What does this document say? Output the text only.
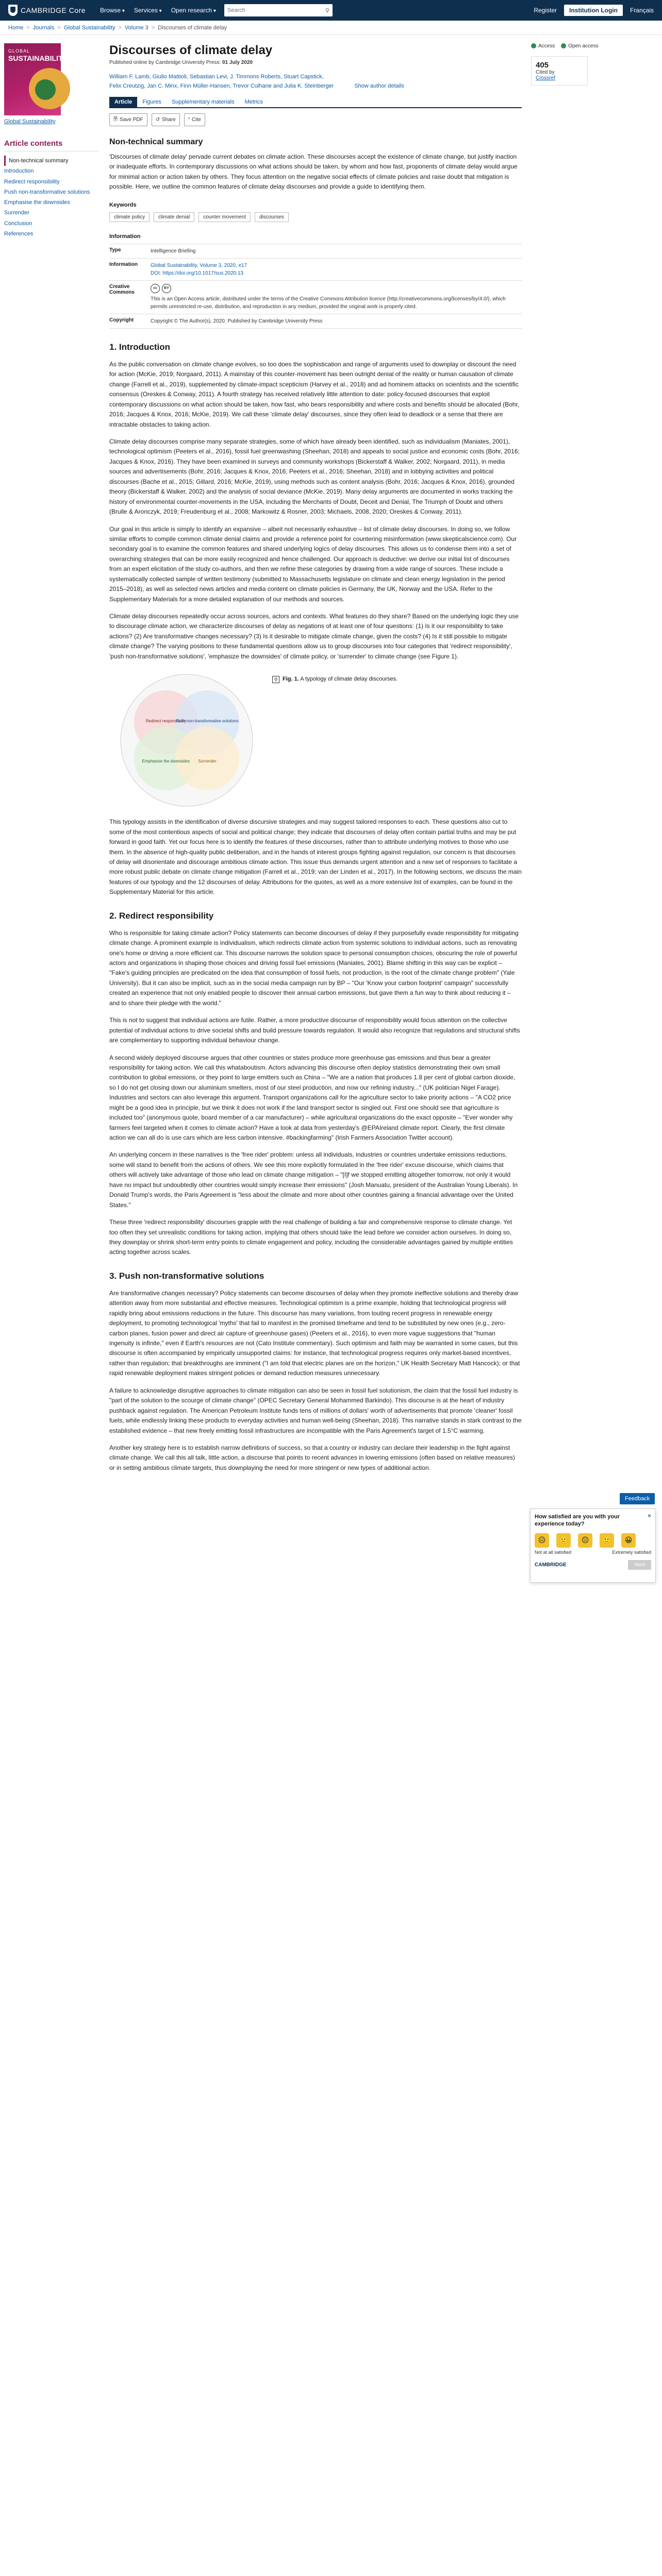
CAMBRIDGE Core Browse ▾	Services ▾	Open research ▾
Search	⚲	Register	Institution Login	Français
Home > Journals > Global Sustainability > Volume 3 > Discourses of climate delay
GLOBAL
SUSTAINABILITY
Global Sustainability
Article contents
Non-technical summary
Introduction
Redirect responsibility
Push non-transformative solutions
Emphasise the downsides
Surrender
Conclusion
References
Discourses of climate delay
Published online by Cambridge University Press: 01 July 2020
William F. Lamb, Giulio Mattioli, Sebastian Levi, J. Timmons Roberts, Stuart Capstick,
Felix Creutzig, Jan C. Minx, Finn Müller-Hansen, Trevor Culhane and Julia K. Steinberger	Show author details
Article	Figures	Supplementary materials	Metrics
🗎 Save PDF ↺ Share “ Cite
Non-technical summary

'Discourses of climate delay' pervade current debates on climate action. These discourses accept the existence of climate change, but justify inaction or inadequate efforts. In contemporary discussions on what actions should be taken, by whom and how fast, proponents of climate delay would argue for minimal action or action taken by others. They focus attention on the negative social effects of climate policies and raise doubt that mitigation is possible. Here, we outline the common features of climate delay discourses and provide a guide to identifying them.

Keywords
climate policy	climate denial	counter movement	discourses
Information
Type	Intelligence Briefing
Information	Global Sustainability, Volume 3, 2020, e17
DOI: https://doi.org/10.1017/sus.2020.13
Creative Commons
cc	BY
This is an Open Access article, distributed under the terms of the Creative Commons Attribution licence (http://creativecommons.org/licenses/by/4.0/), which permits unrestricted re-use, distribution, and reproduction in any medium, provided the original work is properly cited.
Copyright	Copyright © The Author(s), 2020. Published by Cambridge University Press
1. Introduction

As the public conversation on climate change evolves, so too does the sophistication and range of arguments used to downplay or discount the need for action (McKie, 2019; Norgaard, 2011). A mainstay of this counter-movement has been outright denial of the reality or human causation of climate change (Farrell et al., 2019), supplemented by climate-impact scepticism (Harvey et al., 2018) and ad hominem attacks on scientists and the scientific consensus (Oreskes & Conway, 2011). A fourth strategy has received relatively little attention to date: policy-focused discourses that exploit contemporary discussions on what action should be taken, how fast, who bears responsibility and where costs and benefits should be allocated (Bohr, 2016; Jacques & Knox, 2016; McKie, 2019). We call these 'climate delay' discourses, since they often lead to deadlock or a sense that there are intractable obstacles to taking action.

Climate delay discourses comprise many separate strategies, some of which have already been identified, such as individualism (Maniates, 2001), technological optimism (Peeters et al., 2016), fossil fuel greenwashing (Sheehan, 2018) and appeals to social justice and economic costs (Bohr, 2016; Jacques & Knox, 2016). They have been examined in surveys and community workshops (Bickerstaff & Walker, 2002; Norgaard, 2011), in media sources and advertisements (Bohr, 2016; Jacques & Knox, 2016; Peeters et al., 2016; Sheehan, 2018) and in lobbying activities and political discourses (Bache et al., 2015; Gillard, 2016; McKie, 2019), using methods such as content analysis (Bohr, 2016; Jacques & Knox, 2016), grounded theory (Bickerstaff & Walker, 2002) and the analysis of social deviance (McKie, 2019). Many delay arguments are documented in works tracking the history of environmental counter-movements in the USA, including the Merchants of Doubt, Deceit and Denial, The Triumph of Doubt and others (Brulle & Aronczyk, 2019; Freudenburg et al., 2008; Markowitz & Rosner, 2003; Michaels, 2008, 2020; Oreskes & Conway, 2011).

Our goal in this article is simply to identify an expansive – albeit not necessarily exhaustive – list of climate delay discourses. In doing so, we follow similar efforts to compile common climate denial claims and provide a reference point for countering misinformation (www.skepticalscience.com). Our secondary goal is to examine the common features and shared underlying logics of delay discourses. This allows us to condense them into a set of overarching strategies that can be more easily recognized and hence challenged. Our approach is deductive: we derive our initial list of discourses from an expert elicitation of the study co-authors, and then we refine these categories by drawing from a wide range of sources. These include a systematically collected sample of written testimony (submitted to Massachusetts legislature on climate and clean energy legislation in the period 2015–2018), as well as selected news articles and media content on climate policies in Germany, the UK, Norway and the USA. Refer to the Supplementary Materials for a more detailed explanation of our methods and sources.

Climate delay discourses repeatedly occur across sources, actors and contexts. What features do they share? Based on the underlying logic they use to discourage climate action, we characterize discourses of delay as negations of at least one of four questions: (1) Is it our responsibility to take actions? (2) Are transformative changes necessary? (3) Is it desirable to mitigate climate change, given the costs? (4) Is it still possible to mitigate climate change? The varying positions to these fundamental questions allow us to group discourses into four categories that 'redirect responsibility', 'push non-transformative solutions', 'emphasize the downsides' of climate policy, or 'surrender' to climate change (see Figure 1).

Redirect responsibility
Push non-transformative solutions
Emphasise the downsides Surrender
⚲ Fig. 1. A typology of climate delay discourses.

This typology assists in the identification of diverse discursive strategies and may suggest tailored responses to each. These questions also cut to some of the most contentious aspects of social and political change; they indicate that discourses of delay often contain partial truths and may be put forward in good faith. Yet our focus here is to identify the features of these discourses, rather than to attribute underlying motives to those who use them. In the absence of high-quality public deliberation, and in the hands of interest groups fighting against regulation, our concern is that discourses of delay will disorientate and discourage ambitious climate action. This issue thus demands urgent attention and a new set of responses to facilitate a more robust public debate on climate change mitigation (Farrell et al., 2019; van der Linden et al., 2017). In the following sections, we discuss the main features of our typology and the 12 discourses of delay. Attributions for the quotes, as well as a more extensive list of examples, can be found in the Supplementary Material for this article.

2. Redirect responsibility

Who is responsible for taking climate action? Policy statements can become discourses of delay if they purposefully evade responsibility for mitigating climate change. A prominent example is individualism, which redirects climate action from systemic solutions to individual actions, such as renovating one's home or driving a more efficient car. This discourse narrows the solution space to personal consumption choices, obscuring the role of powerful actors and organizations in shaping those choices and driving fossil fuel emissions (Maniates, 2001). Blame shifting in this way can be explicit – "Fake's guiding principles are predicated on the idea that consumption of fossil fuels, not production, is the root of the climate change problem" (Yale University). But it can also be implicit, such as in the social media campaign run by BP – "Our 'Know your carbon footprint' campaign" successfully created an experience that not only enabled people to discover their annual carbon emissions, but gave them a fun way to think about reducing it – and to share their pledge with the world."

This is not to suggest that individual actions are futile. Rather, a more productive discourse of responsibility would focus attention on the collective potential of individual actions to drive societal shifts and build pressure towards regulation. It would also recognize that regulations and structural shifts are complementary to supporting individual behaviour change.

A second widely deployed discourse argues that other countries or states produce more greenhouse gas emissions and thus bear a greater responsibility for taking action. We call this whataboutism. Actors advancing this discourse often deploy statistics demonstrating their own small contribution to global emissions, or they point to large emitters such as China – "We are a nation that produces 1.8 per cent of global carbon dioxide, so I do not get closing down our aluminium smelters, most of our steel production, and now our refining industry..." (UK politician Nigel Farage). Industries and sectors can also leverage this argument. Transport organizations call for the agriculture sector to take priority actions – "A CO2 price might be a good idea in principle, but we think it does not work if the land transport sector is singled out. First one should see that agriculture is included too" (anonymous quote, board member of a car manufacturer) – while agricultural organizations do the exact opposite – "Ever wonder why farmers feel targeted when it comes to climate action? Have a look at data from yesterday's @EPAIreland climate report. Clearly, the first climate action we can all do is use cars which are less carbon intensive. #backingfarming" (Irish Farmers Association Twitter account).

An underlying concern in these narratives is the 'free rider' problem: unless all individuals, industries or countries undertake emissions reductions, some will stand to benefit from the actions of others. We see this more explicitly formulated in the 'free rider' excuse discourse, which claims that others will actively take advantage of those who lead on climate change mitigation – "[I]f we stopped emitting altogether tomorrow, not only it would have no impact but undoubtedly other countries would simply increase their emissions" (Josh Manuatu, president of the Australian Young Liberals). In Donald Trump's words, the Paris Agreement is "less about the climate and more about other countries gaining a financial advantage over the United States."

These three 'redirect responsibility' discourses grapple with the real challenge of building a fair and comprehensive response to climate change. Yet too often they set unrealistic conditions for taking action, implying that others should take the lead before we consider action ourselves. In doing so, they downplay or shrink short-term entry points to climate engagement and policy, including the considerable advantages gained by multiple entities acting together across scales.

3. Push non-transformative solutions

Are transformative changes necessary? Policy statements can become discourses of delay when they promote ineffective solutions and thereby draw attention away from more substantial and effective measures. Technological optimism is a prime example, holding that technological progress will rapidly bring about emissions reductions in the future. This discourse has many variations, from touting recent progress in renewable energy deployment, to promoting technological 'myths' that fail to manifest in the promised timeframe and tend to be substituted by new ones (e.g., zero-carbon planes, fusion power and direct air capture of greenhouse gases) (Peeters et al., 2016), to even more vague suggestions that "human ingenuity is infinite," even if Earth's resources are not (Cato Institute commentary). Such optimism and faith may be warranted in some cases, but this discourse is often accompanied by empirically unsupported claims: for instance, that technological progress requires only market-based incentives, rather than regulation; that breakthroughs are imminent ("I am told that electric planes are on the horizon," UK Health Secretary Matt Hancock); or that rapid renewable deployment makes stringent policies or demand reduction measures unnecessary.

A failure to acknowledge disruptive approaches to climate mitigation can also be seen in fossil fuel solutionism, the claim that the fossil fuel industry is "part of the solution to the scourge of climate change" (OPEC Secretary General Mohammed Barkindo). This discourse is at the heart of industry pushback against regulation. The American Petroleum Institute funds tens of millions of dollars' worth of advertisements that promote 'cleaner' fossil fuels, while endlessly linking these products to everyday activities and human well-being (Sheehan, 2018). This narrative stands in stark contrast to the established evidence – that new freely emitting fossil infrastructures are incompatible with the Paris Agreement's target of 1.5°C warming.

Another key strategy here is to establish narrow definitions of success, so that a country or industry can declare their leadership in the fight against climate change. We call this all talk, little action, a discourse that points to recent advances in lowering emissions (often based on relative measures) or in setting ambitious climate targets, thus downplaying the need for more stringent or new types of additional action.

Access	Open access
405
Cited by
Crossref
Feedback
How satisfied are you with your experience today?
×
☹	🙁	😐	🙂	😀
Not at all satisfied	Extremely satisfied
CAMBRIDGE	Next
